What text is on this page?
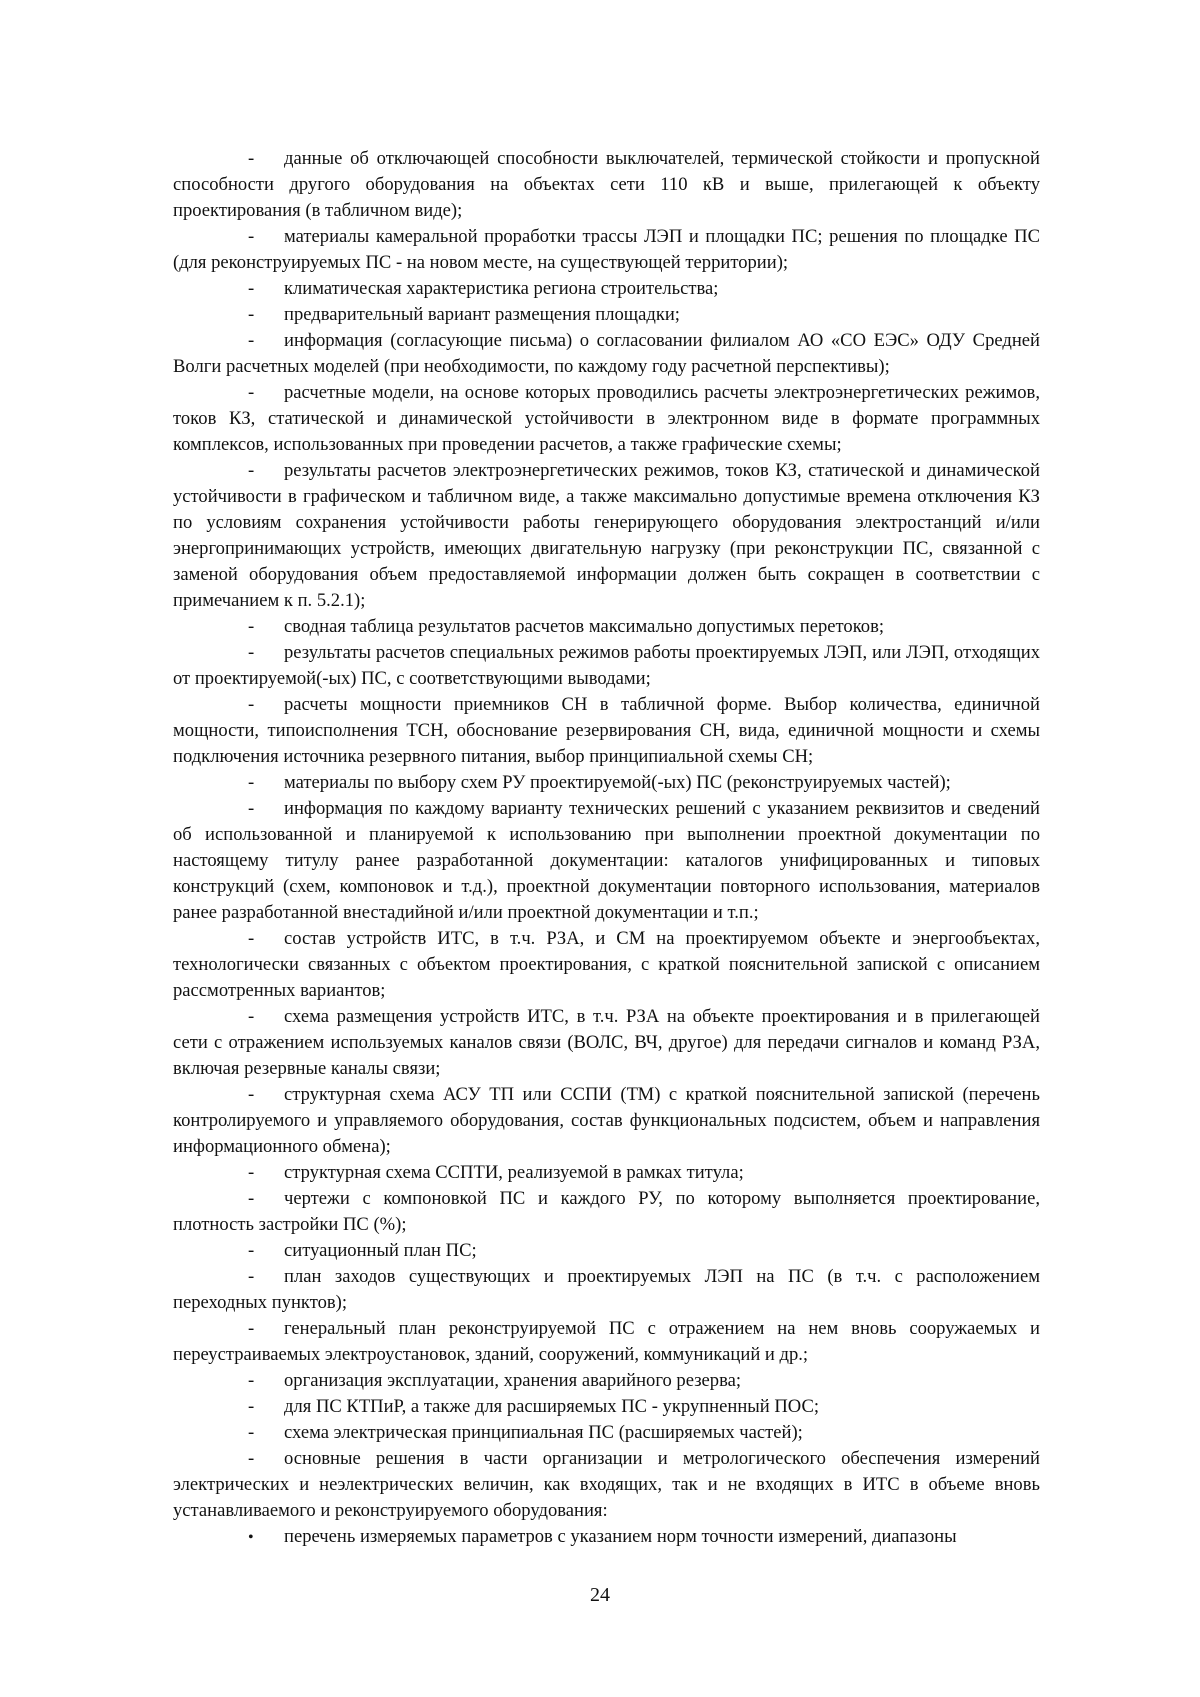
- данные об отключающей способности выключателей, термической стойкости и пропускной способности другого оборудования на объектах сети 110 кВ и выше, прилегающей к объекту проектирования (в табличном виде);

- материалы камеральной проработки трассы ЛЭП и площадки ПС; решения по площадке ПС (для реконструируемых ПС - на новом месте, на существующей территории);

- климатическая характеристика региона строительства;

- предварительный вариант размещения площадки;

- информация (согласующие письма) о согласовании филиалом АО «СО ЕЭС» ОДУ Средней Волги расчетных моделей (при необходимости, по каждому году расчетной перспективы);

- расчетные модели, на основе которых проводились расчеты электроэнергетических режимов, токов КЗ, статической и динамической устойчивости в электронном виде в формате программных комплексов, использованных при проведении расчетов, а также графические схемы;

- результаты расчетов электроэнергетических режимов, токов КЗ, статической и динамической устойчивости в графическом и табличном виде, а также максимально допустимые времена отключения КЗ по условиям сохранения устойчивости работы генерирующего оборудования электростанций и/или энергопринимающих устройств, имеющих двигательную нагрузку (при реконструкции ПС, связанной с заменой оборудования объем предоставляемой информации должен быть сокращен в соответствии с примечанием к п. 5.2.1);

- сводная таблица результатов расчетов максимально допустимых перетоков;

- результаты расчетов специальных режимов работы проектируемых ЛЭП, или ЛЭП, отходящих от проектируемой(-ых) ПС, с соответствующими выводами;

- расчеты мощности приемников СН в табличной форме. Выбор количества, единичной мощности, типоисполнения ТСН, обоснование резервирования СН, вида, единичной мощности и схемы подключения источника резервного питания, выбор принципиальной схемы СН;

- материалы по выбору схем РУ проектируемой(-ых) ПС (реконструируемых частей);

- информация по каждому варианту технических решений с указанием реквизитов и сведений об использованной и планируемой к использованию при выполнении проектной документации по настоящему титулу ранее разработанной документации: каталогов унифицированных и типовых конструкций (схем, компоновок и т.д.), проектной документации повторного использования, материалов ранее разработанной внестадийной и/или проектной документации и т.п.;

- состав устройств ИТС, в т.ч. РЗА, и СМ на проектируемом объекте и энергообъектах, технологически связанных с объектом проектирования, с краткой пояснительной запиской с описанием рассмотренных вариантов;

- схема размещения устройств ИТС, в т.ч. РЗА на объекте проектирования и в прилегающей сети с отражением используемых каналов связи (ВОЛС, ВЧ, другое) для передачи сигналов и команд РЗА, включая резервные каналы связи;

- структурная схема АСУ ТП или ССПИ (ТМ) с краткой пояснительной запиской (перечень контролируемого и управляемого оборудования, состав функциональных подсистем, объем и направления информационного обмена);

- структурная схема ССПТИ, реализуемой в рамках титула;

- чертежи с компоновкой ПС и каждого РУ, по которому выполняется проектирование, плотность застройки ПС (%);

- ситуационный план ПС;

- план заходов существующих и проектируемых ЛЭП на ПС (в т.ч. с расположением переходных пунктов);

- генеральный план реконструируемой ПС с отражением на нем вновь сооружаемых и переустраиваемых электроустановок, зданий, сооружений, коммуникаций и др.;

- организация эксплуатации, хранения аварийного резерва;

- для ПС КТПиР, а также для расширяемых ПС - укрупненный ПОС;

- схема электрическая принципиальная ПС (расширяемых частей);

- основные решения в части организации и метрологического обеспечения измерений электрических и неэлектрических величин, как входящих, так и не входящих в ИТС в объеме вновь устанавливаемого и реконструируемого оборудования:

• перечень измеряемых параметров с указанием норм точности измерений, диапазоны

24
